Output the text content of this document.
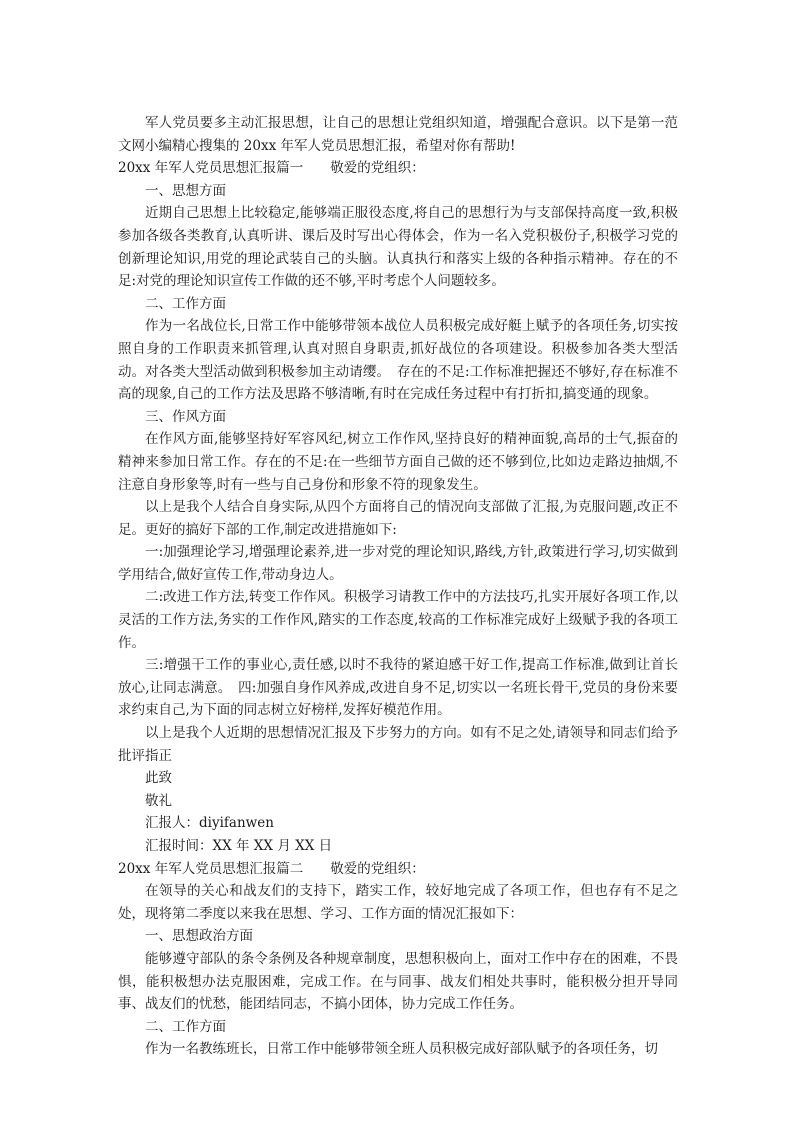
军人党员要多主动汇报思想，让自己的思想让党组织知道，增强配合意识。以下是第一范文网小编精心搜集的 20xx 年军人党员思想汇报，希望对你有帮助!

20xx 年军人党员思想汇报篇一　　敬爱的党组织：

一、思想方面

近期自己思想上比较稳定,能够端正服役态度,将自己的思想行为与支部保持高度一致,积极参加各级各类教育,认真听讲、课后及时写出心得体会，作为一名入党积极份子,积极学习党的创新理论知识,用党的理论武装自己的头脑。认真执行和落实上级的各种指示精神。存在的不足:对党的理论知识宣传工作做的还不够,平时考虑个人问题较多。

二、工作方面

作为一名战位长,日常工作中能够带领本战位人员积极完成好艇上赋予的各项任务,切实按照自身的工作职责来抓管理,认真对照自身职责,抓好战位的各项建设。积极参加各类大型活动。对各类大型活动做到积极参加主动请缨。　存在的不足:工作标准把握还不够好,存在标准不高的现象,自己的工作方法及思路不够清晰,有时在完成任务过程中有打折扣,搞变通的现象。

三、作风方面

在作风方面,能够坚持好军容风纪,树立工作作风,坚持良好的精神面貌,高昂的士气,振奋的精神来参加日常工作。存在的不足:在一些细节方面自己做的还不够到位,比如边走路边抽烟,不注意自身形象等,时有一些与自己身份和形象不符的现象发生。

以上是我个人结合自身实际,从四个方面将自己的情况向支部做了汇报,为克服问题,改正不足。更好的搞好下部的工作,制定改进措施如下:

一:加强理论学习,增强理论素养,进一步对党的理论知识,路线,方针,政策进行学习,切实做到学用结合,做好宣传工作,带动身边人。

二:改进工作方法,转变工作作风。积极学习请教工作中的方法技巧,扎实开展好各项工作,以灵活的工作方法,务实的工作作风,踏实的工作态度,较高的工作标准完成好上级赋予我的各项工作。

三:增强干工作的事业心,责任感,以时不我待的紧迫感干好工作,提高工作标准,做到让首长放心,让同志满意。　四:加强自身作风养成,改进自身不足,切实以一名班长骨干,党员的身份来要求约束自己,为下面的同志树立好榜样,发挥好模范作用。

以上是我个人近期的思想情况汇报及下步努力的方向。如有不足之处,请领导和同志们给予批评指正

此致

敬礼

汇报人：diyifanwen

汇报时间：XX 年 XX 月 XX 日

20xx 年军人党员思想汇报篇二　　敬爱的党组织：

在领导的关心和战友们的支持下，踏实工作，较好地完成了各项工作，但也存有不足之处，现将第二季度以来我在思想、学习、工作方面的情况汇报如下：

一、思想政治方面

能够遵守部队的条令条例及各种规章制度，思想积极向上，面对工作中存在的困难，不畏惧，能积极想办法克服困难，完成工作。在与同事、战友们相处共事时，能积极分担开导同事、战友们的忧愁，能团结同志，不搞小团体，协力完成工作任务。

二、工作方面

作为一名教练班长，日常工作中能够带领全班人员积极完成好部队赋予的各项任务，切
